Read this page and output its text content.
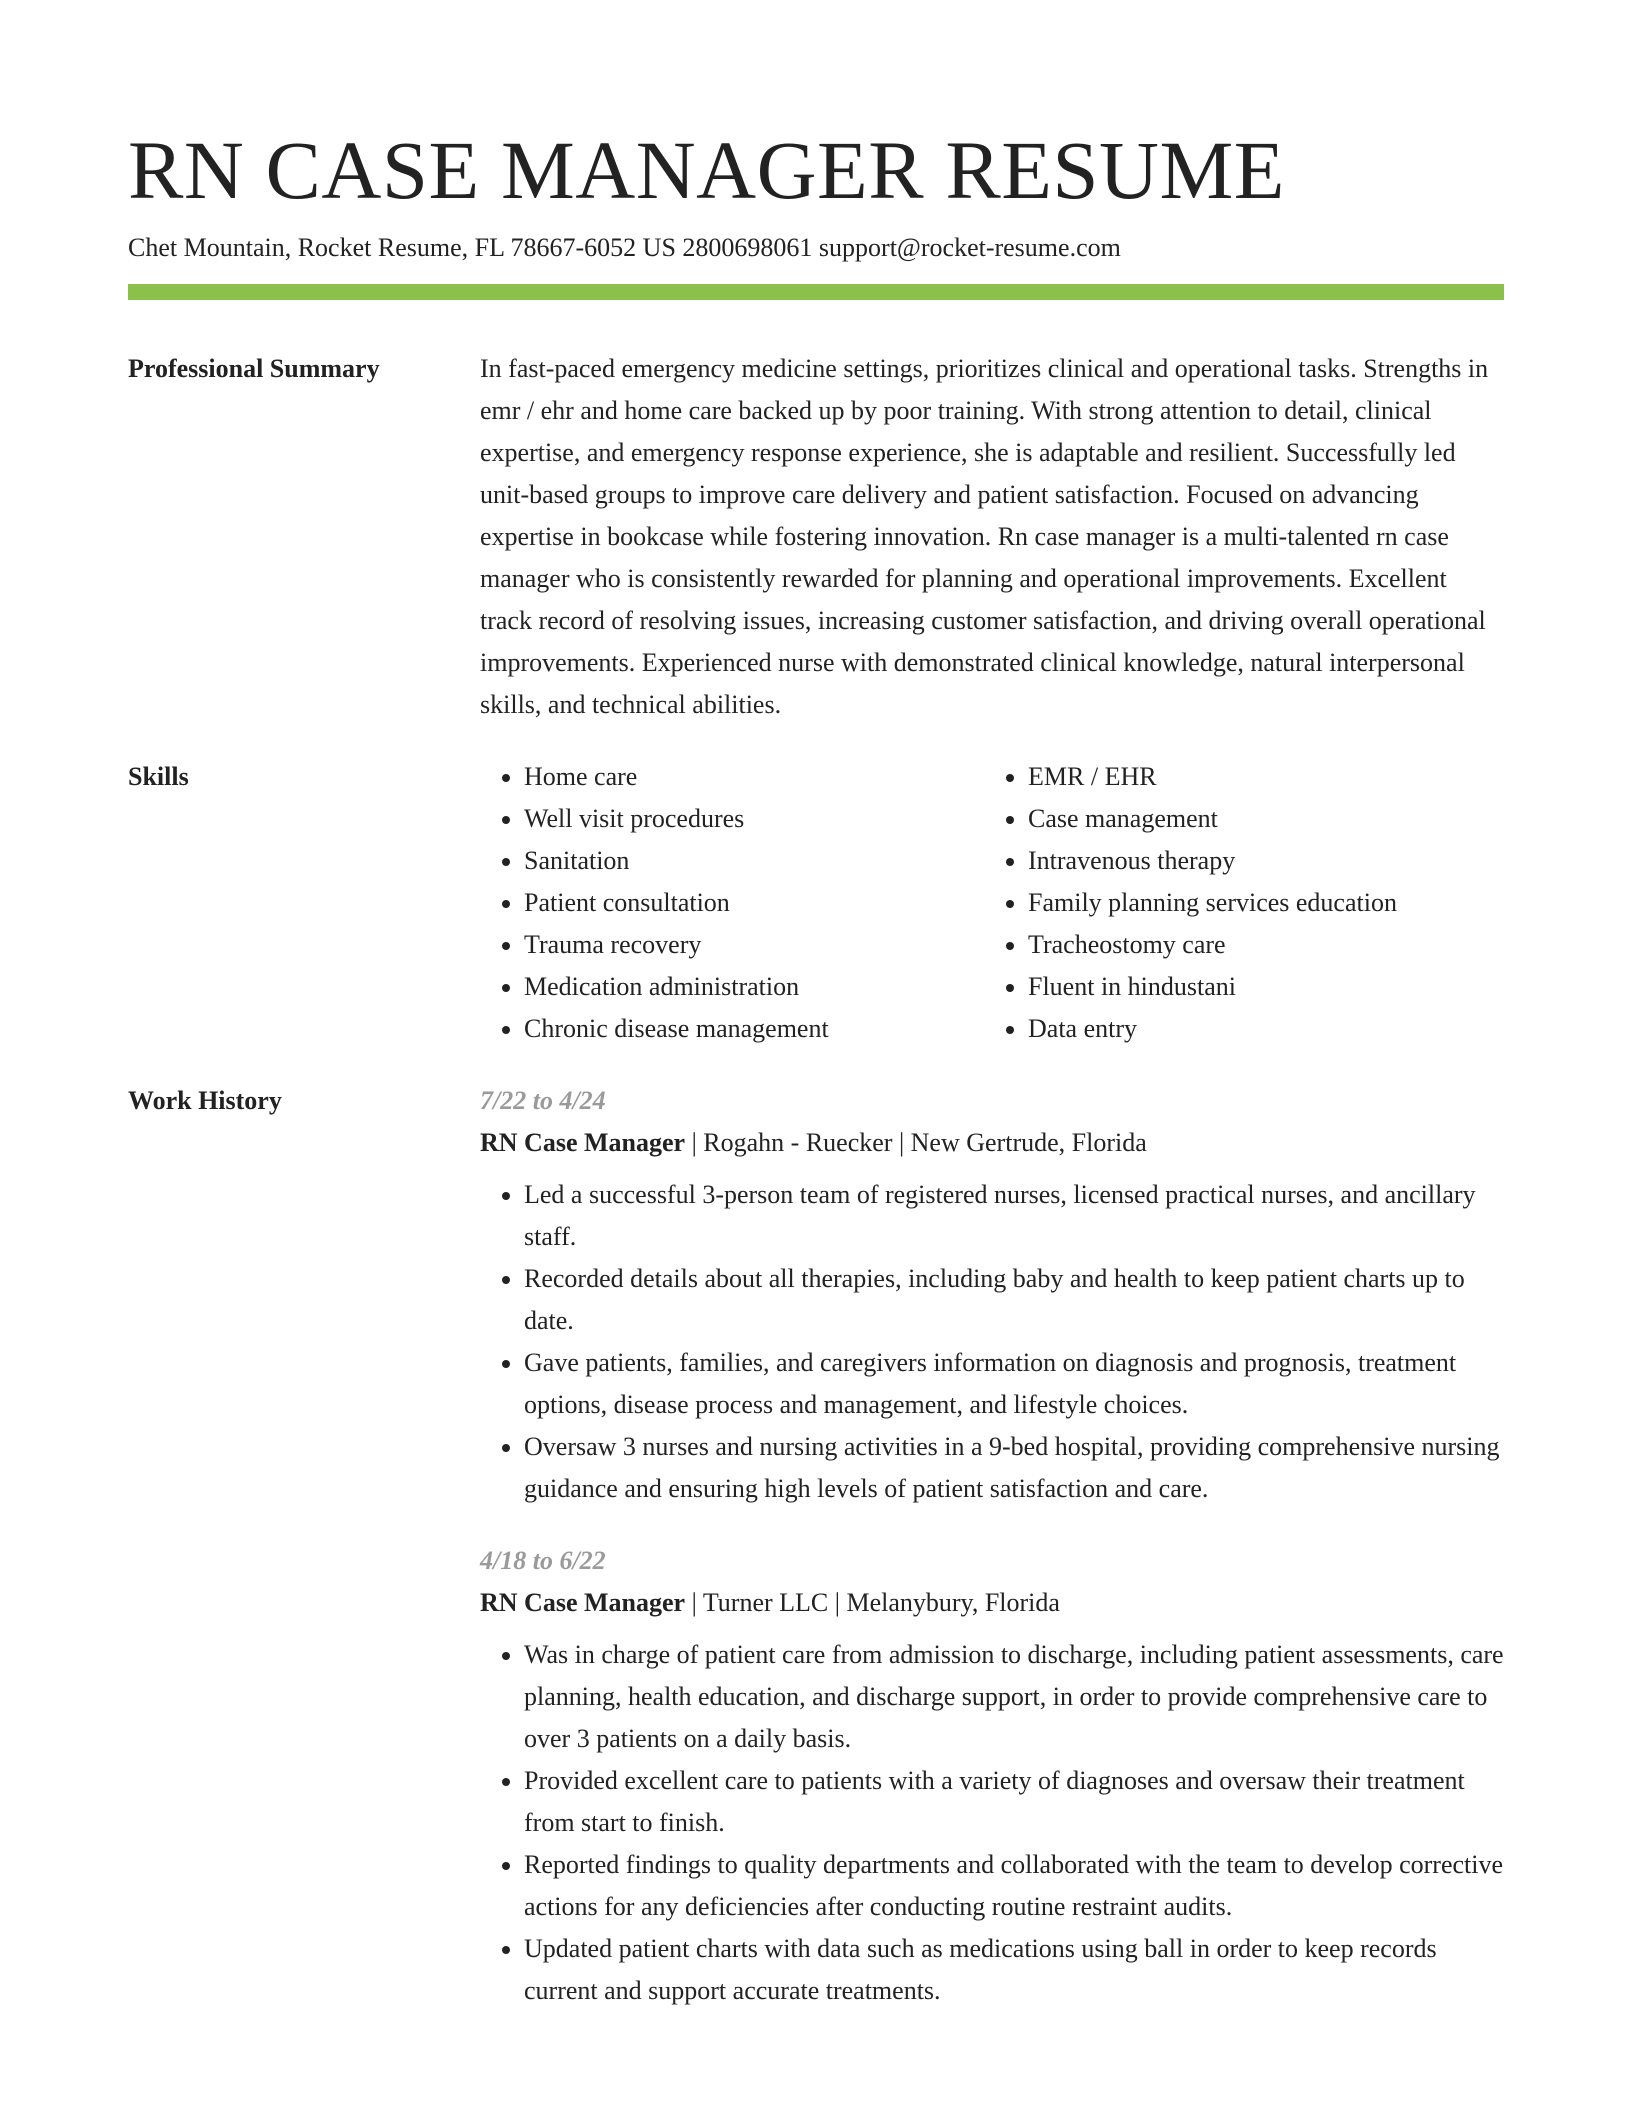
RN CASE MANAGER RESUME
Chet Mountain, Rocket Resume, FL 78667-6052 US 2800698061 support@rocket-resume.com
Professional Summary	In fast-paced emergency medicine settings, prioritizes clinical and operational tasks. Strengths in emr / ehr and home care backed up by poor training. With strong attention to detail, clinical expertise, and emergency response experience, she is adaptable and resilient. Successfully led unit-based groups to improve care delivery and patient satisfaction. Focused on advancing expertise in bookcase while fostering innovation. Rn case manager is a multi-talented rn case manager who is consistently rewarded for planning and operational improvements. Excellent track record of resolving issues, increasing customer satisfaction, and driving overall operational improvements. Experienced nurse with demonstrated clinical knowledge, natural interpersonal skills, and technical abilities.
Skills
•	Home care
• Well visit procedures
• Sanitation
• Patient consultation
• Trauma recovery
• Medication administration
• Chronic disease management
• EMR / EHR
• Case management
• Intravenous therapy
• Family planning services education
• Tracheostomy care
• Fluent in hindustani
• Data entry
Work History	7/22 to 4/24
RN Case Manager | Rogahn - Ruecker | New Gertrude, Florida
• Led a successful 3-person team of registered nurses, licensed practical nurses, and ancillary staff.
• Recorded details about all therapies, including baby and health to keep patient charts up to date.
• Gave patients, families, and caregivers information on diagnosis and prognosis, treatment options, disease process and management, and lifestyle choices.
• Oversaw 3 nurses and nursing activities in a 9-bed hospital, providing comprehensive nursing guidance and ensuring high levels of patient satisfaction and care.
4/18 to 6/22
RN Case Manager | Turner LLC | Melanybury, Florida
• Was in charge of patient care from admission to discharge, including patient assessments, care planning, health education, and discharge support, in order to provide comprehensive care to over 3 patients on a daily basis.
• Provided excellent care to patients with a variety of diagnoses and oversaw their treatment from start to finish.
• Reported findings to quality departments and collaborated with the team to develop corrective actions for any deficiencies after conducting routine restraint audits.
• Updated patient charts with data such as medications using ball in order to keep records current and support accurate treatments.
